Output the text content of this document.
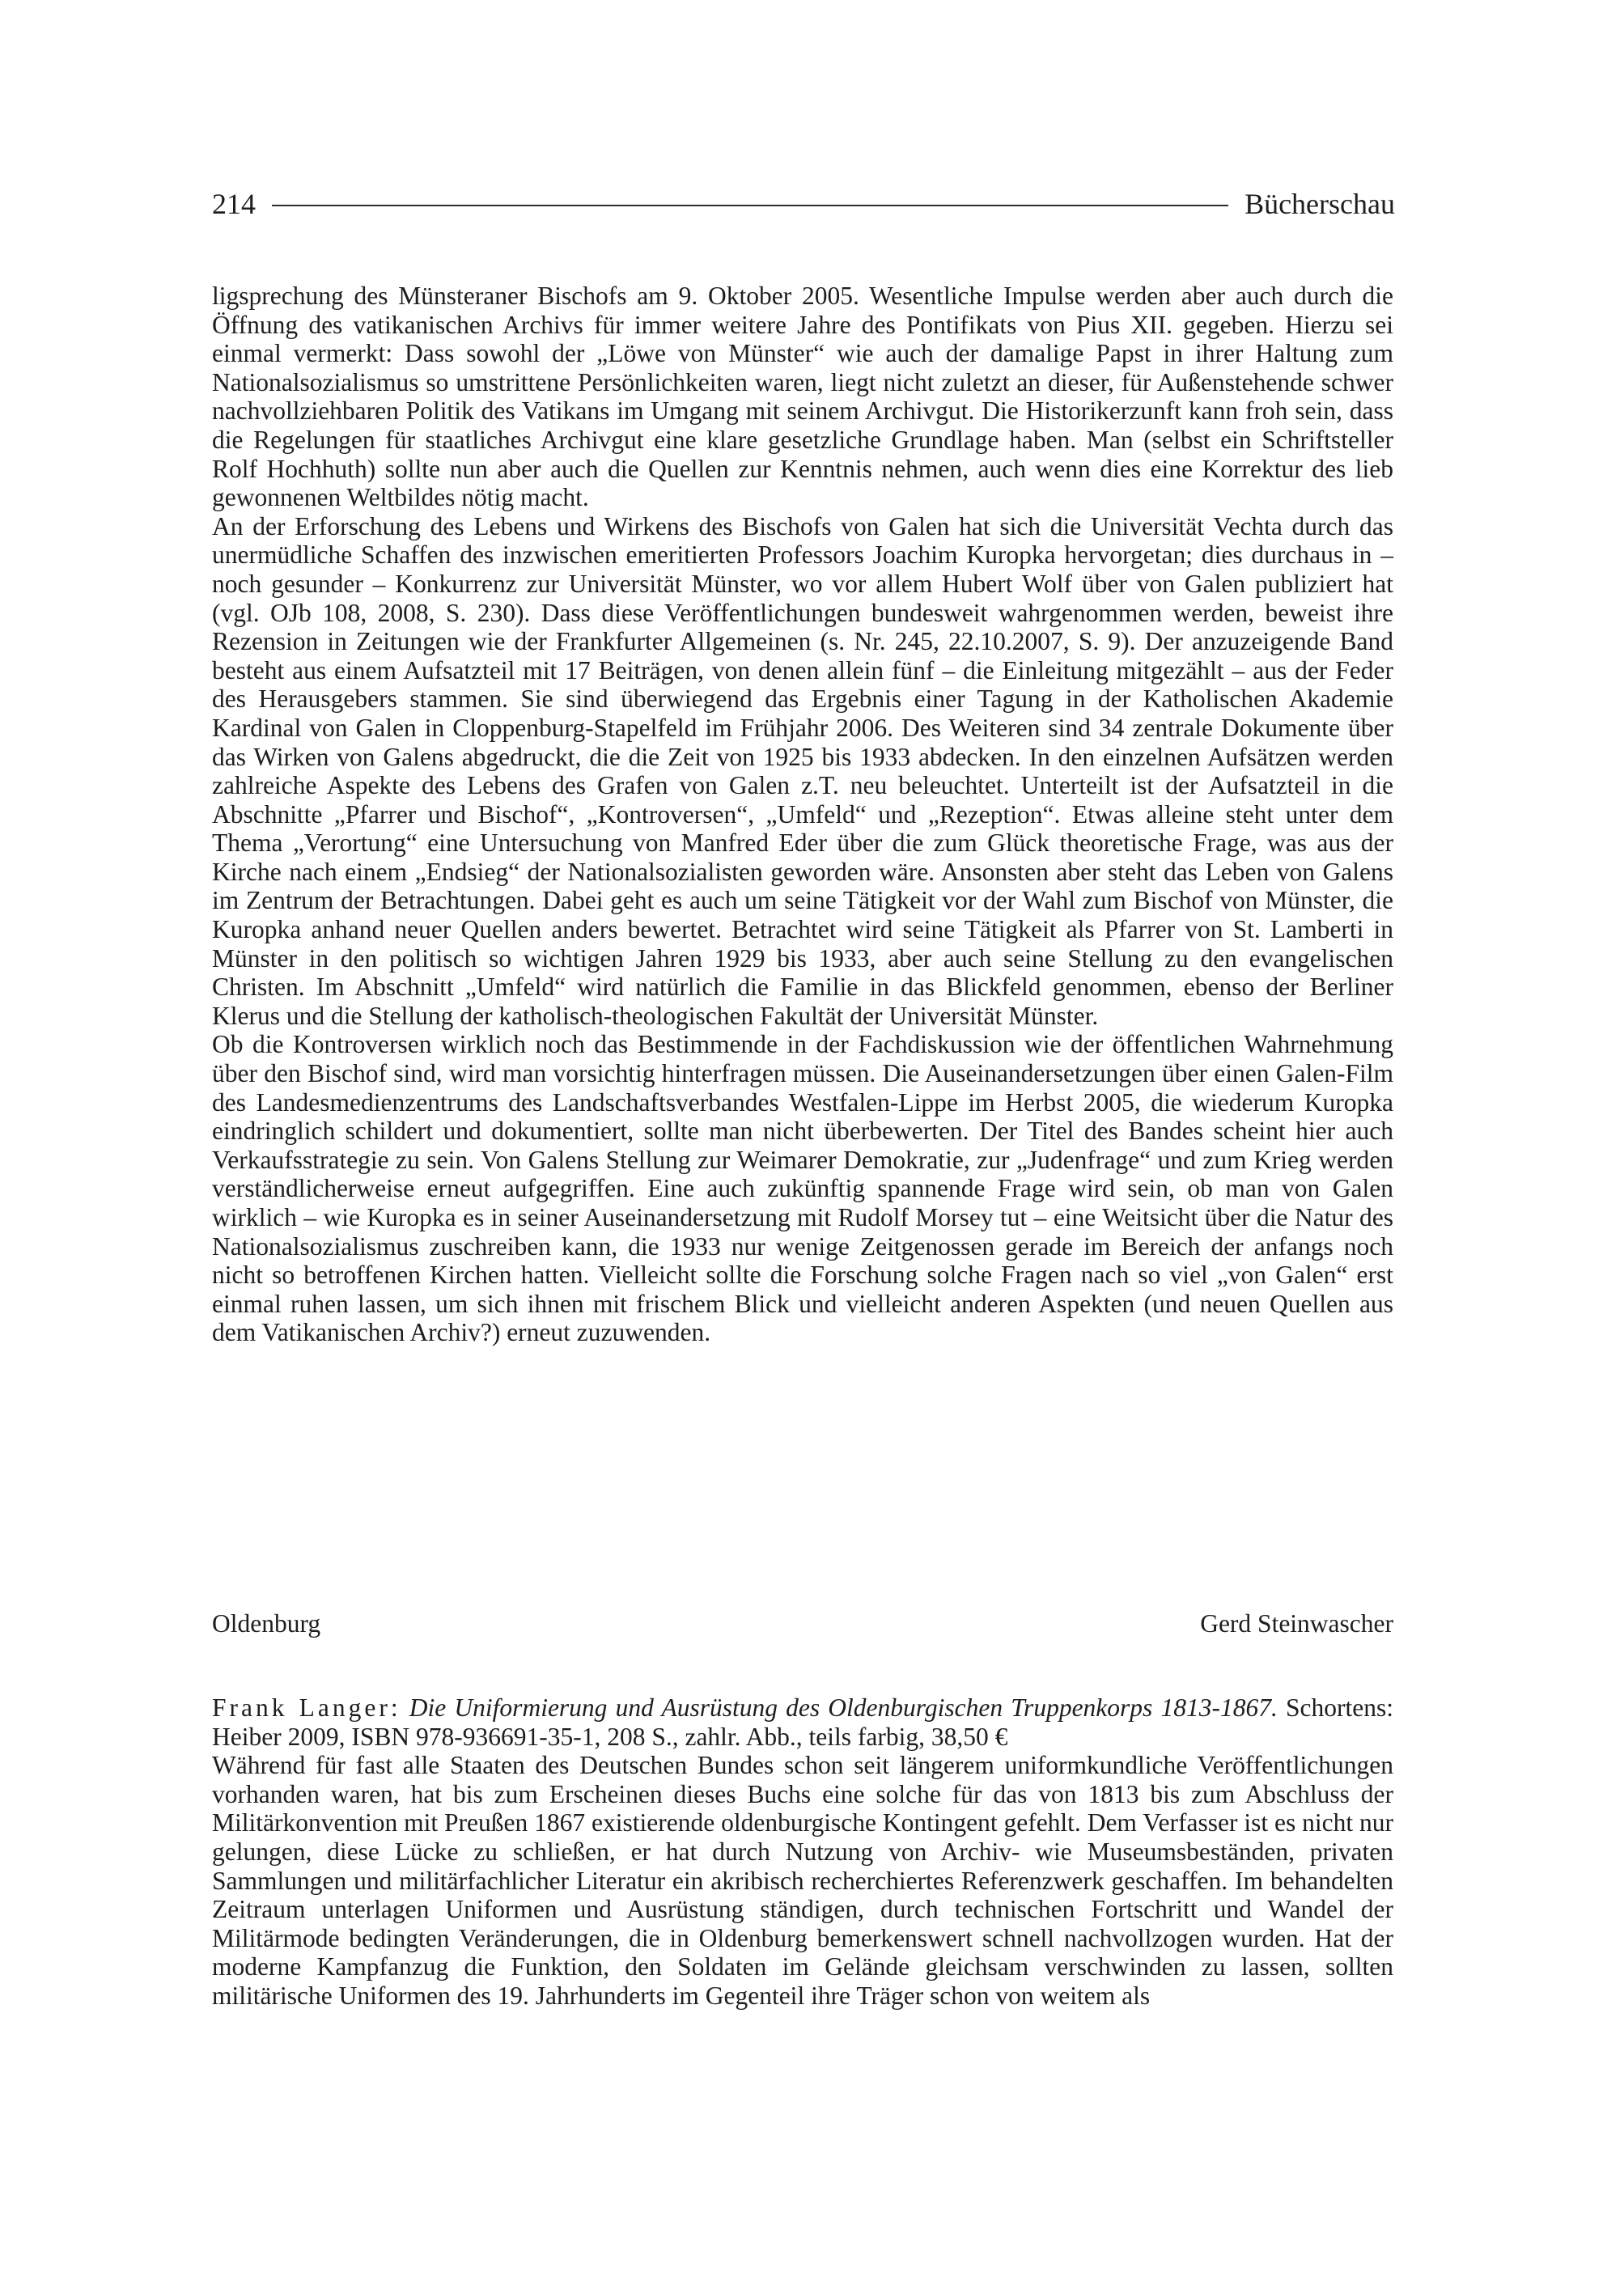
214	Bücherschau

ligsprechung des Münsteraner Bischofs am 9. Oktober 2005. Wesentliche Impulse werden aber auch durch die Öffnung des vatikanischen Archivs für immer weitere Jahre des Pontifikats von Pius XII. gegeben. Hierzu sei einmal vermerkt: Dass sowohl der „Löwe von Münster“ wie auch der damalige Papst in ihrer Haltung zum Nationalsozialismus so umstrittene Persönlichkeiten waren, liegt nicht zuletzt an dieser, für Außenstehende schwer nachvollziehbaren Politik des Vatikans im Umgang mit seinem Archivgut. Die Historikerzunft kann froh sein, dass die Regelungen für staatliches Archivgut eine klare gesetzliche Grundlage haben. Man (selbst ein Schriftsteller Rolf Hochhuth) sollte nun aber auch die Quellen zur Kenntnis nehmen, auch wenn dies eine Korrektur des lieb gewonnenen Weltbildes nötig macht.

An der Erforschung des Lebens und Wirkens des Bischofs von Galen hat sich die Universität Vechta durch das unermüdliche Schaffen des inzwischen emeritierten Professors Joachim Kuropka hervorgetan; dies durchaus in – noch gesunder – Konkurrenz zur Universität Münster, wo vor allem Hubert Wolf über von Galen publiziert hat (vgl. OJb 108, 2008, S. 230). Dass diese Veröffentlichungen bundesweit wahrgenommen werden, beweist ihre Rezension in Zeitungen wie der Frankfurter Allgemeinen (s. Nr. 245, 22.10.2007, S. 9). Der anzuzeigende Band besteht aus einem Aufsatzteil mit 17 Beiträgen, von denen allein fünf – die Einleitung mitgezählt – aus der Feder des Herausgebers stammen. Sie sind überwiegend das Ergebnis einer Tagung in der Katholischen Akademie Kardinal von Galen in Cloppenburg-Stapelfeld im Frühjahr 2006. Des Weiteren sind 34 zentrale Dokumente über das Wirken von Galens abgedruckt, die die Zeit von 1925 bis 1933 abdecken. In den einzelnen Aufsätzen werden zahlreiche Aspekte des Lebens des Grafen von Galen z.T. neu beleuchtet. Unterteilt ist der Aufsatzteil in die Abschnitte „Pfarrer und Bischof“, „Kontroversen“, „Umfeld“ und „Rezeption“. Etwas alleine steht unter dem Thema „Verortung“ eine Untersuchung von Manfred Eder über die zum Glück theoretische Frage, was aus der Kirche nach einem „Endsieg“ der Nationalsozialisten geworden wäre. Ansonsten aber steht das Leben von Galens im Zentrum der Betrachtungen. Dabei geht es auch um seine Tätigkeit vor der Wahl zum Bischof von Münster, die Kuropka anhand neuer Quellen anders bewertet. Betrachtet wird seine Tätigkeit als Pfarrer von St. Lamberti in Münster in den politisch so wichtigen Jahren 1929 bis 1933, aber auch seine Stellung zu den evangelischen Christen. Im Abschnitt „Umfeld“ wird natürlich die Familie in das Blickfeld genommen, ebenso der Berliner Klerus und die Stellung der katholisch-theologischen Fakultät der Universität Münster.

Ob die Kontroversen wirklich noch das Bestimmende in der Fachdiskussion wie der öffentlichen Wahrnehmung über den Bischof sind, wird man vorsichtig hinterfragen müssen. Die Auseinandersetzungen über einen Galen-Film des Landesmedienzentrums des Landschaftsverbandes Westfalen-Lippe im Herbst 2005, die wiederum Kuropka eindringlich schildert und dokumentiert, sollte man nicht überbewerten. Der Titel des Bandes scheint hier auch Verkaufsstrategie zu sein. Von Galens Stellung zur Weimarer Demokratie, zur „Judenfrage“ und zum Krieg werden verständlicherweise erneut aufgegriffen. Eine auch zukünftig spannende Frage wird sein, ob man von Galen wirklich – wie Kuropka es in seiner Auseinandersetzung mit Rudolf Morsey tut – eine Weitsicht über die Natur des Nationalsozialismus zuschreiben kann, die 1933 nur wenige Zeitgenossen gerade im Bereich der anfangs noch nicht so betroffenen Kirchen hatten. Vielleicht sollte die Forschung solche Fragen nach so viel „von Galen“ erst einmal ruhen lassen, um sich ihnen mit frischem Blick und vielleicht anderen Aspekten (und neuen Quellen aus dem Vatikanischen Archiv?) erneut zuzuwenden.

Oldenburg	Gerd Steinwascher

Frank Langer: Die Uniformierung und Ausrüstung des Oldenburgischen Truppenkorps 1813-1867. Schortens: Heiber 2009, ISBN 978-936691-35-1, 208 S., zahlr. Abb., teils farbig, 38,50 €

Während für fast alle Staaten des Deutschen Bundes schon seit längerem uniformkundliche Veröffentlichungen vorhanden waren, hat bis zum Erscheinen dieses Buchs eine solche für das von 1813 bis zum Abschluss der Militärkonvention mit Preußen 1867 existierende oldenburgische Kontingent gefehlt. Dem Verfasser ist es nicht nur gelungen, diese Lücke zu schließen, er hat durch Nutzung von Archiv- wie Museumsbeständen, privaten Sammlungen und militärfachlicher Literatur ein akribisch recherchiertes Referenzwerk geschaffen. Im behandelten Zeitraum unterlagen Uniformen und Ausrüstung ständigen, durch technischen Fortschritt und Wandel der Militärmode bedingten Veränderungen, die in Oldenburg bemerkenswert schnell nachvollzogen wurden. Hat der moderne Kampfanzug die Funktion, den Soldaten im Gelände gleichsam verschwinden zu lassen, sollten militärische Uniformen des 19. Jahrhunderts im Gegenteil ihre Träger schon von weitem als
